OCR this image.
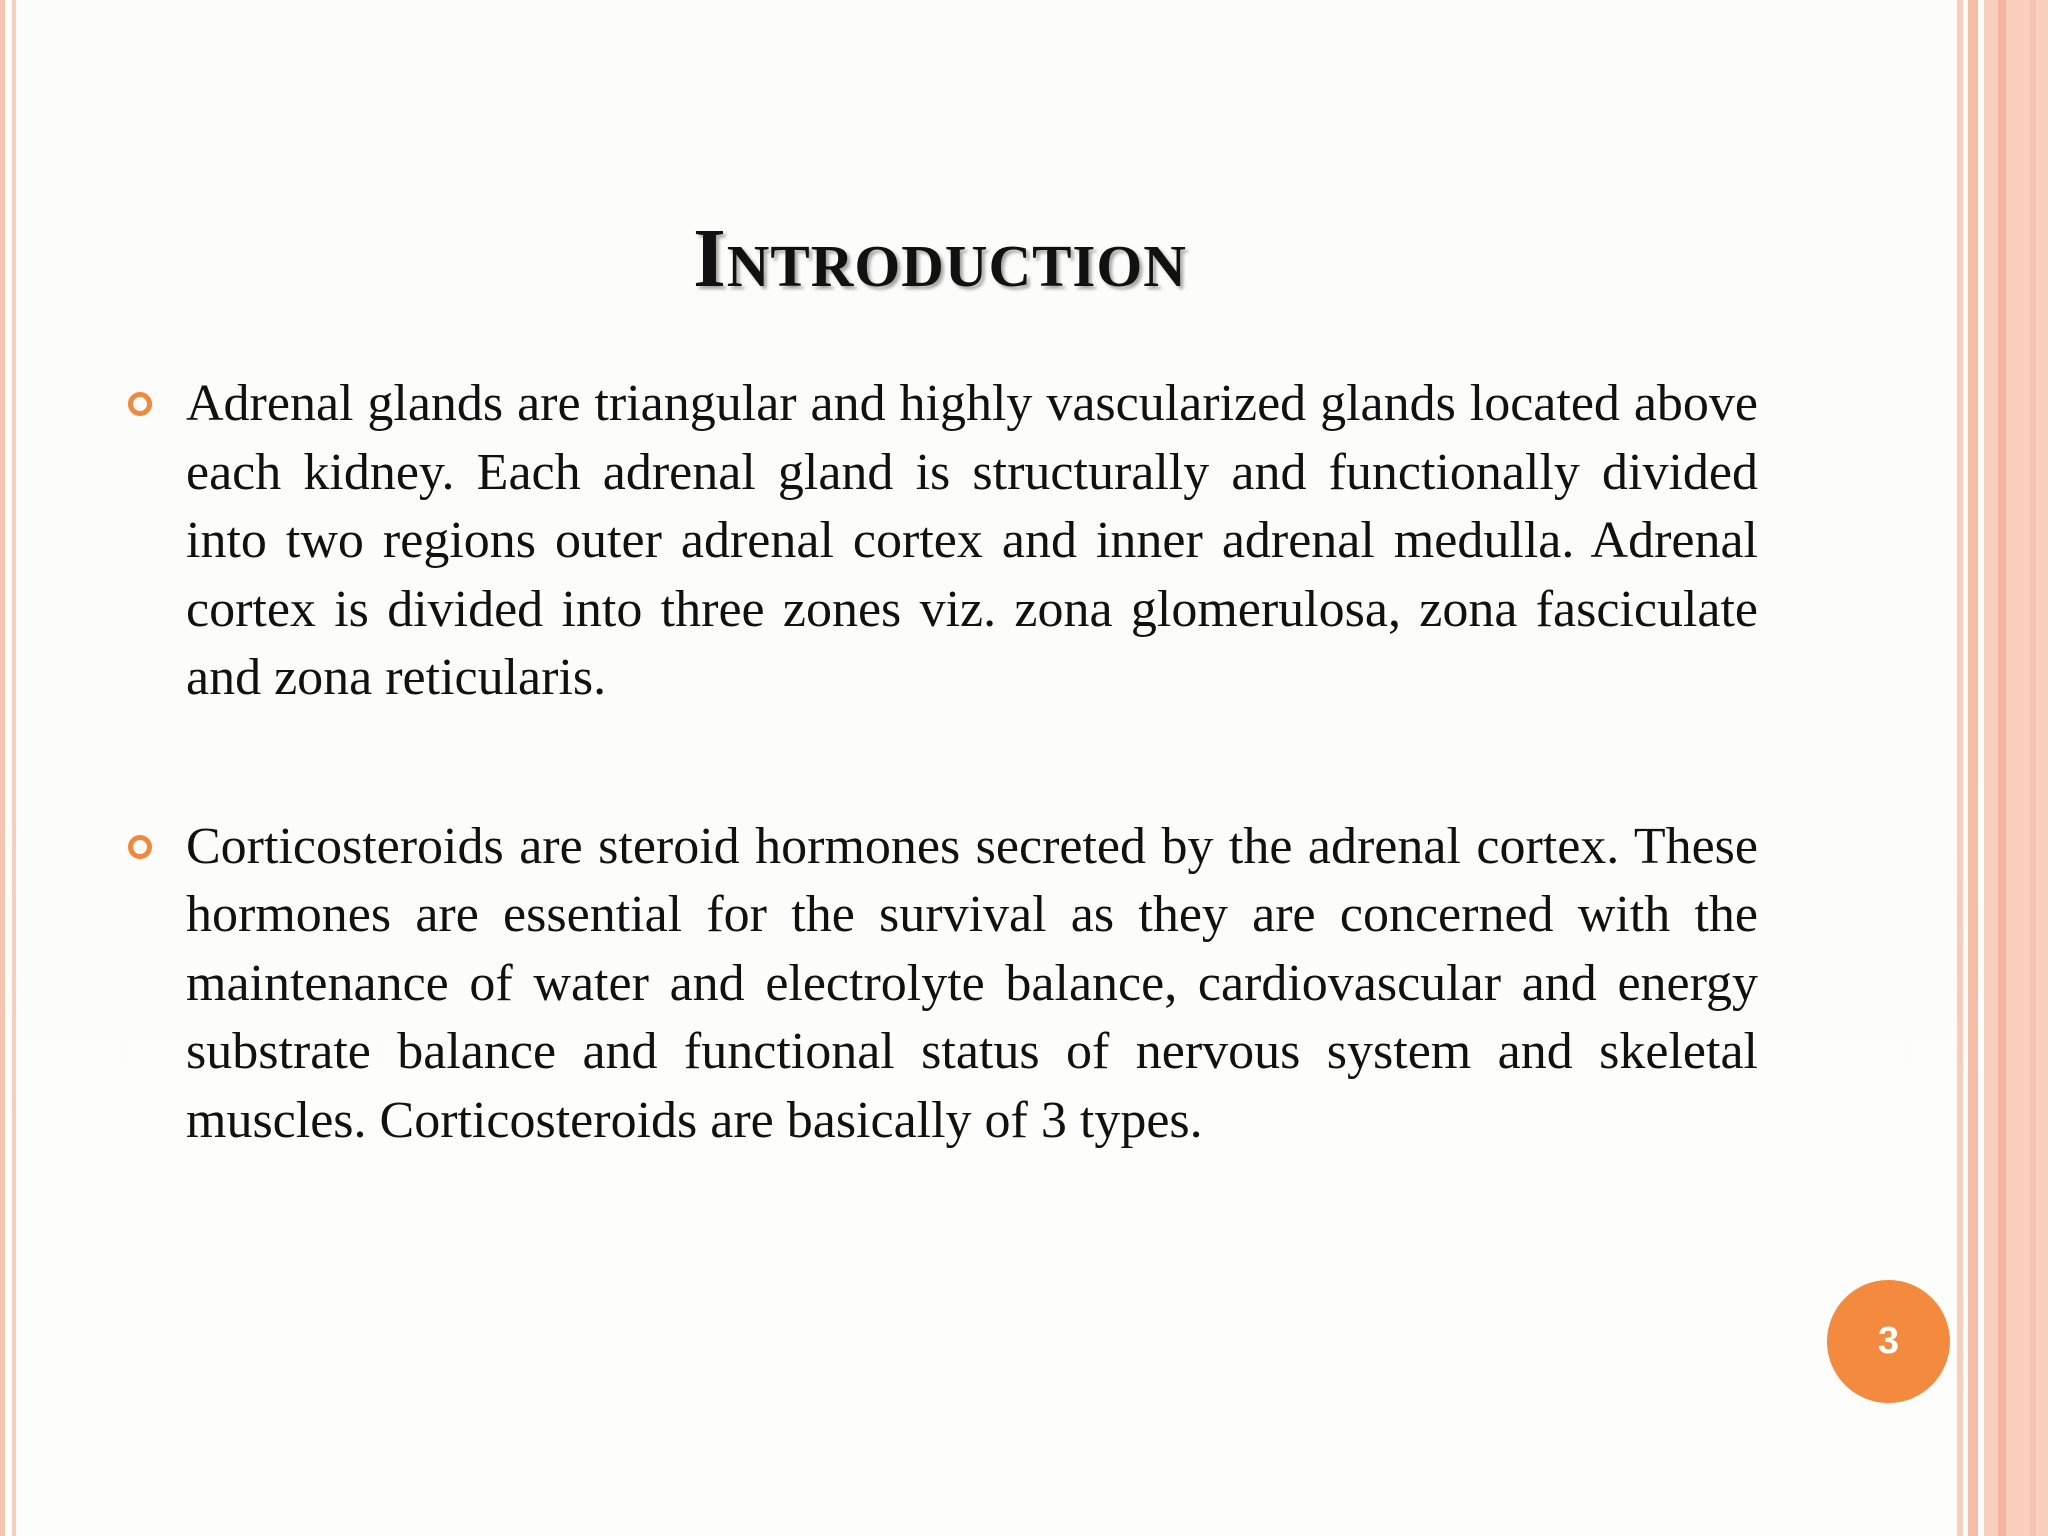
Introduction
Adrenal glands are triangular and highly vascularized glands located above each kidney. Each adrenal gland is structurally and functionally divided into two regions outer adrenal cortex and inner adrenal medulla. Adrenal cortex is divided into three zones viz. zona glomerulosa, zona fasciculate and zona reticularis.
Corticosteroids are steroid hormones secreted by the adrenal cortex. These hormones are essential for the survival as they are concerned with the maintenance of water and electrolyte balance, cardiovascular and energy substrate balance and functional status of nervous system and skeletal muscles. Corticosteroids are basically of 3 types.
3
